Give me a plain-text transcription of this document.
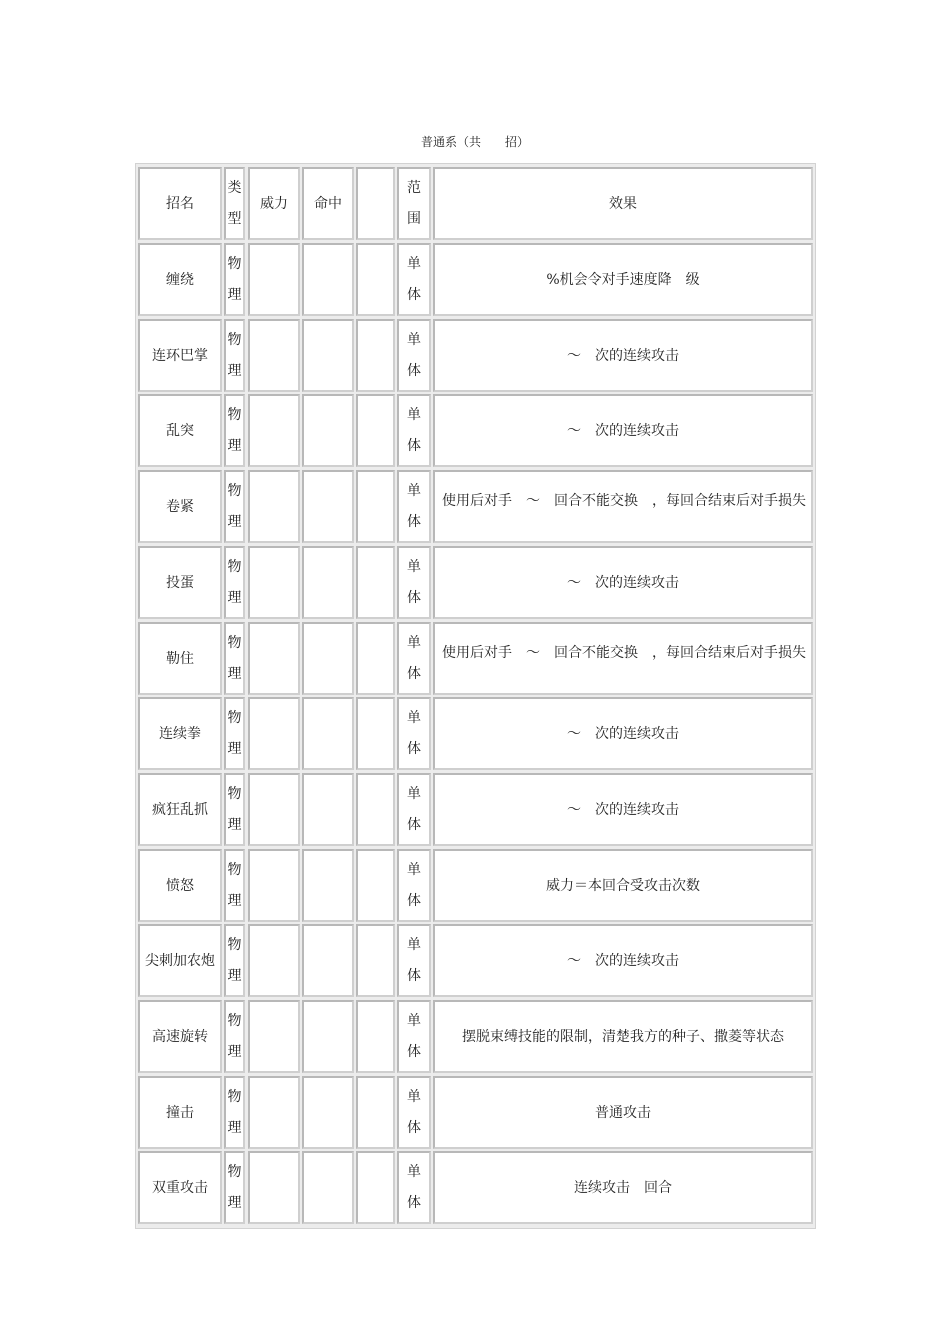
普通系（共　　招）
招名
类型
威力 命中
范围
效果
缠绕
物理
单体
%机会令对手速度降　级
连环巴掌
物理
单体
～　次的连续攻击
乱突
物理
单体
～　次的连续攻击
卷紧
物理
单体
使用后对手　～　回合不能交换　，每回合结束后对手损失
投蛋
物理
单体
～　次的连续攻击
勒住
物理
单体
使用后对手　～　回合不能交换　，每回合结束后对手损失
连续拳
物理
单体
～　次的连续攻击
疯狂乱抓
物理
单体
～　次的连续攻击
愤怒
物理
单体
威力＝本回合受攻击次数
尖刺加农炮
物理
单体
～　次的连续攻击
高速旋转
物理
单体
摆脱束缚技能的限制，清楚我方的种子、撒菱等状态
撞击
物理
单体
普通攻击
双重攻击
物理
单体
连续攻击　回合
